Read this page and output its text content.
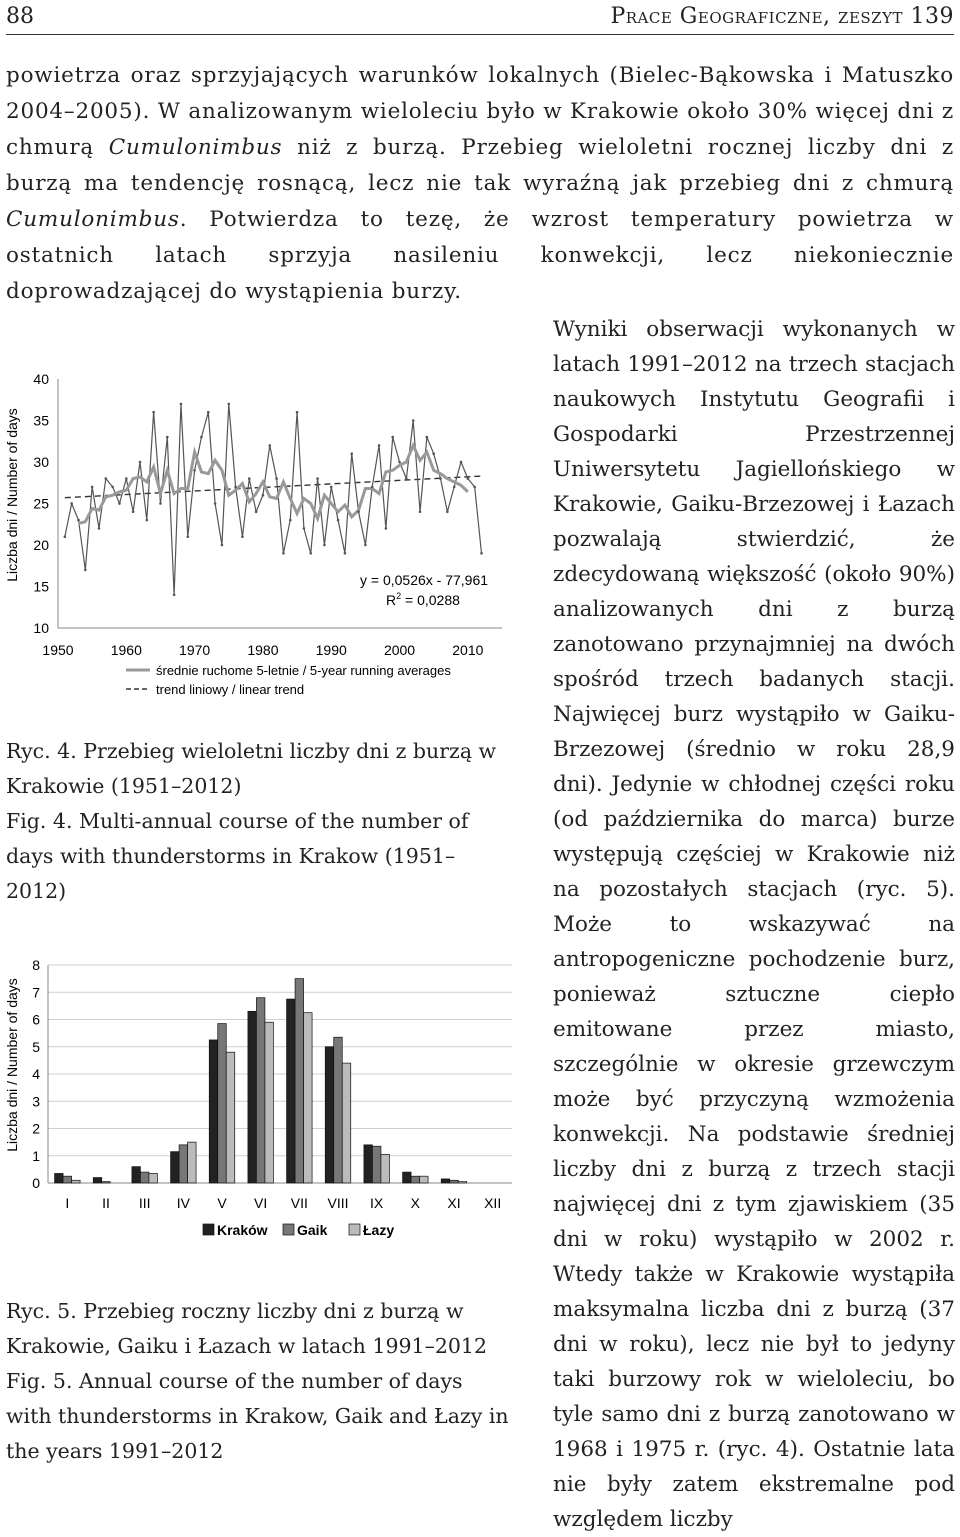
88	Prace Geograficzne, zeszyt 139

powietrza oraz sprzyjających warunków lokalnych (Bielec-Bąkowska i Matuszko 2004–2005). W analizowanym wieloleciu było w Krakowie około 30% więcej dni z chmurą Cumulonimbus niż z burzą. Przebieg wieloletni rocznej liczby dni z burzą ma tendencję rosnącą, lecz nie tak wyraźną jak przebieg dni z chmurą Cumulonimbus. Potwierdza to tezę, że wzrost temperatury powietrza w ostatnich latach sprzyja nasileniu konwekcji, lecz niekoniecznie doprowadzającej do wystąpienia burzy.

Wyniki obserwacji wykonanych w latach 1991–2012 na trzech stacjach naukowych Instytutu Geografii i Gospodarki Przestrzennej Uniwersytetu Jagiellońskiego w Krakowie, Gaiku-Brzezowej i Łazach pozwalają stwierdzić, że zdecydowaną większość (około 90%) analizowanych dni z burzą zanotowano przynajmniej na dwóch spośród trzech badanych stacji. Najwięcej burz wystąpiło w Gaiku-Brzezowej (średnio w roku 28,9 dni). Jedynie w chłodnej części roku (od października do marca) burze występują częściej w Krakowie niż na pozostałych stacjach (ryc. 5). Może to wskazywać na antropogeniczne pochodzenie burz, ponieważ sztuczne ciepło emitowane przez miasto, szczególnie w okresie grzewczym może być przyczyną wzmożenia konwekcji. Na podstawie średniej liczby dni z burzą z trzech stacji najwięcej dni z tym zjawiskiem (35 dni w roku) wystąpiło w 2002 r. Wtedy także w Krakowie wystąpiła maksymalna liczba dni z burzą (37 dni w roku), lecz nie był to jedyny taki burzowy rok w wieloleciu, bo tyle samo dni z burzą zanotowano w 1968 i 1975 r. (ryc. 4). Ostatnie lata nie były zatem ekstremalne pod względem liczby

Liczba dni / Number of days
10
15
20
25
30
35
40
1950	1960	1970	1980	1990	2000	2010
y = 0,0526x - 77,961
$R^2 = 0,0288$
średnie ruchome 5-letnie / 5-year running averages
trend liniowy / linear trend

Ryc. 4. Przebieg wieloletni liczby dni z burzą w Krakowie (1951–2012)

Fig. 4. Multi-annual course of the number of days with thunderstorms in Krakow (1951–2012)

Liczba dni / Number of days
0
1
2
3
4
5
6
7
8
I II III IV V VI VII VIII IX X XI XII
Kraków Gaik	Łazy

Ryc. 5. Przebieg roczny liczby dni z burzą w Krakowie, Gaiku i Łazach w latach 1991–2012

Fig. 5. Annual course of the number of days with thunderstorms in Krakow, Gaik and Łazy in the years 1991–2012
